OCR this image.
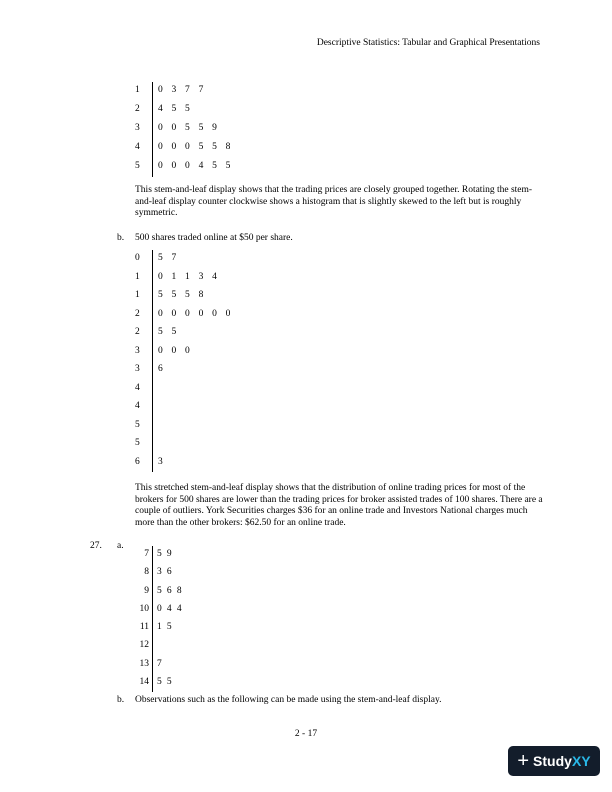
Descriptive Statistics: Tabular and Graphical Presentations
1 0 3 7 7
2 4 5 5
3 0 0 5 5 9
4 0 0 0 5 5 8
5 0 0 0 4 5 5
This stem-and-leaf display shows that the trading prices are closely grouped together. Rotating the stem-and-leaf display counter clockwise shows a histogram that is slightly skewed to the left but is roughly symmetric.
b. 500 shares traded online at $50 per share.
0 5 7
1 0 1 1 3 4
1 5 5 5 8
2 0 0 0 0 0 0
2 5 5
3 0 0 0
3 6
4
4
5
5
6 3
This stretched stem-and-leaf display shows that the distribution of online trading prices for most of the brokers for 500 shares are lower than the trading prices for broker assisted trades of 100 shares. There are a couple of outliers. York Securities charges $36 for an online trade and Investors National charges much more than the other brokers: $62.50 for an online trade.
27. a.
7 5 9
8 3 6
9 5 6 8
10 0 4 4
11 1 5
12
13 7
14 5 5
b. Observations such as the following can be made using the stem-and-leaf display.
2 - 17
+ Study XY
